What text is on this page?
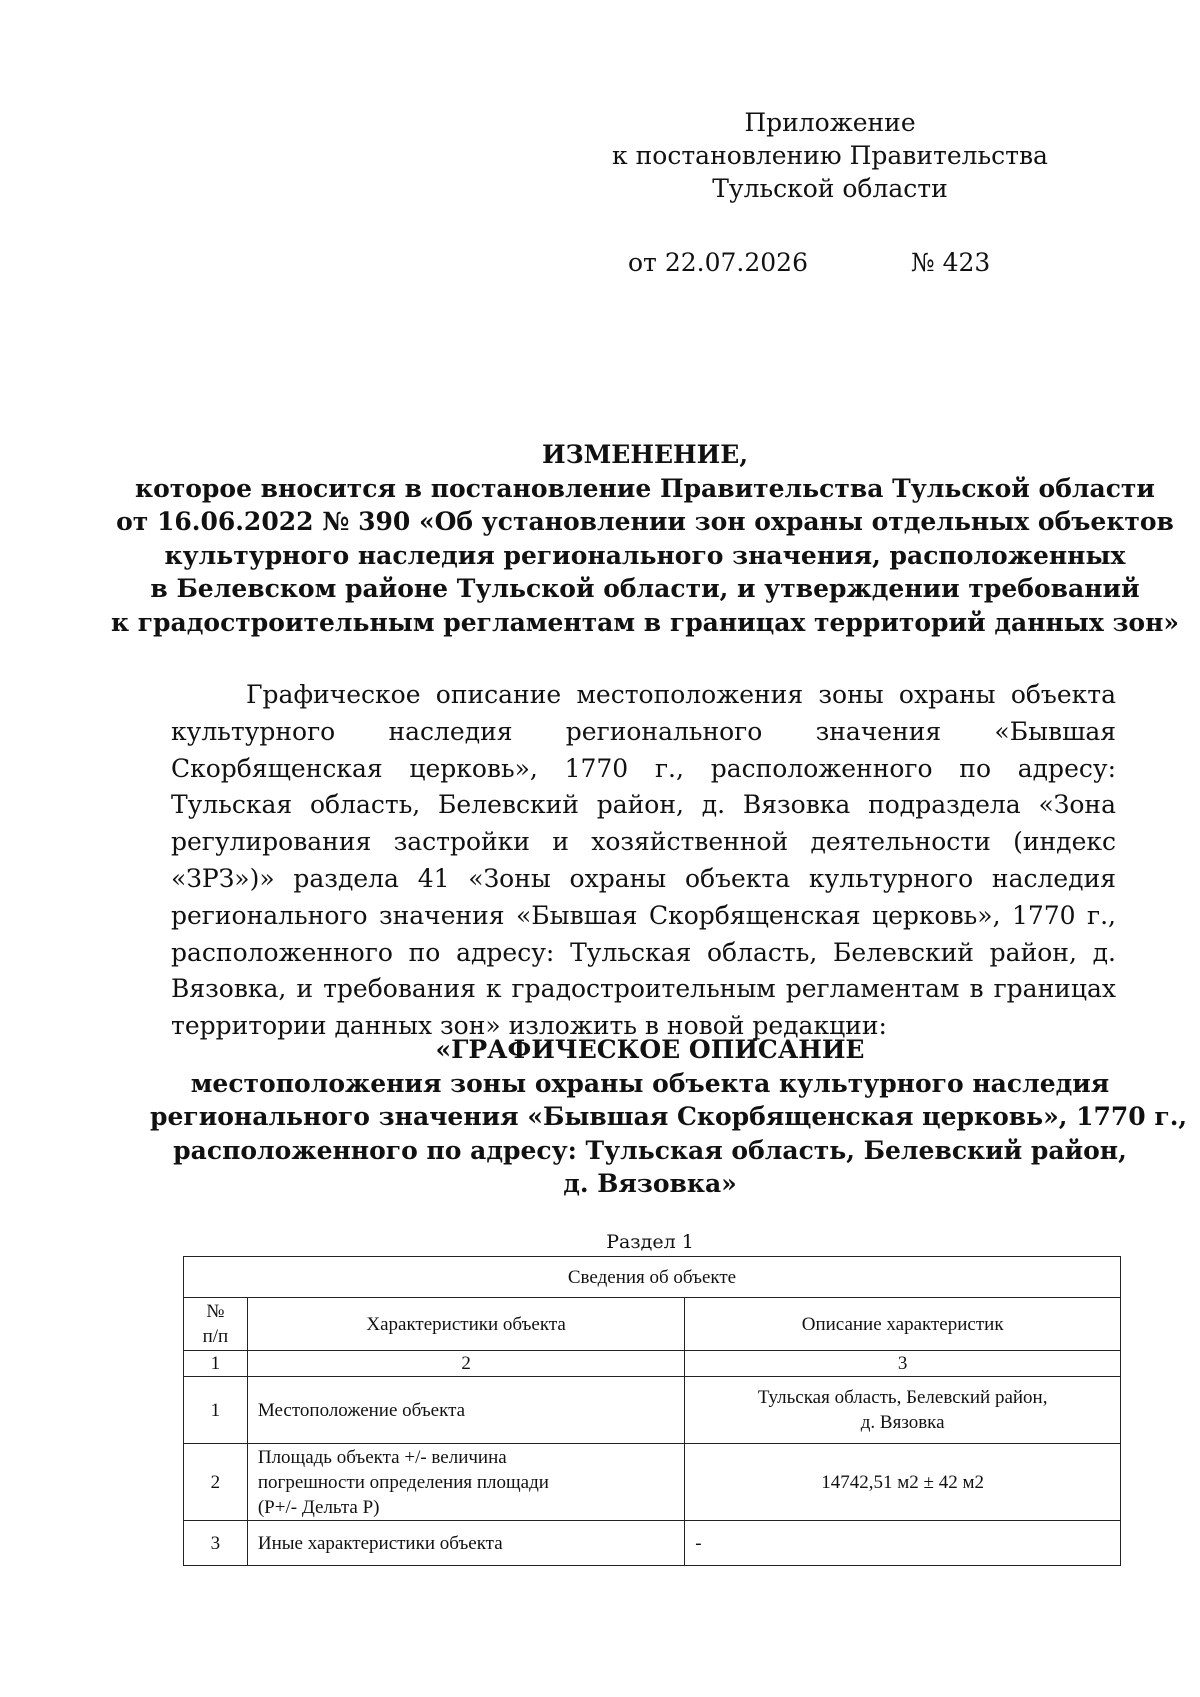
Приложение
к постановлению Правительства
Тульской области
от 22.07.2026	№ 423
ИЗМЕНЕНИЕ,
которое вносится в постановление Правительства Тульской области
от 16.06.2022 № 390 «Об установлении зон охраны отдельных объектов
культурного наследия регионального значения, расположенных
в Белевском районе Тульской области, и утверждении требований
к градостроительным регламентам в границах территорий данных зон»
Графическое описание местоположения зоны охраны объекта культурного наследия регионального значения «Бывшая Скорбященская церковь», 1770 г., расположенного по адресу: Тульская область, Белевский район, д. Вязовка подраздела «Зона регулирования застройки и хозяйственной деятельности (индекс «ЗРЗ»)» раздела 41 «Зоны охраны объекта культурного наследия регионального значения «Бывшая Скорбященская церковь», 1770 г., расположенного по адресу: Тульская область, Белевский район, д. Вязовка, и требования к градостроительным регламентам в границах территории данных зон» изложить в новой редакции:
«ГРАФИЧЕСКОЕ ОПИСАНИЕ
местоположения зоны охраны объекта культурного наследия
регионального значения «Бывшая Скорбященская церковь», 1770 г.,
расположенного по адресу: Тульская область, Белевский район,
д. Вязовка»
Раздел 1
Сведения об объекте		

№
п/п	Характеристики объекта	Описание характеристик
1	2	3
1	Местоположение объекта	Тульская область, Белевский район,
д. Вязовка

2	Площадь объекта +/- величина
погрешности определения площади
(Р+/- Дельта Р)	14742,51 м2 ± 42 м2
3	Иные характеристики объекта	-
